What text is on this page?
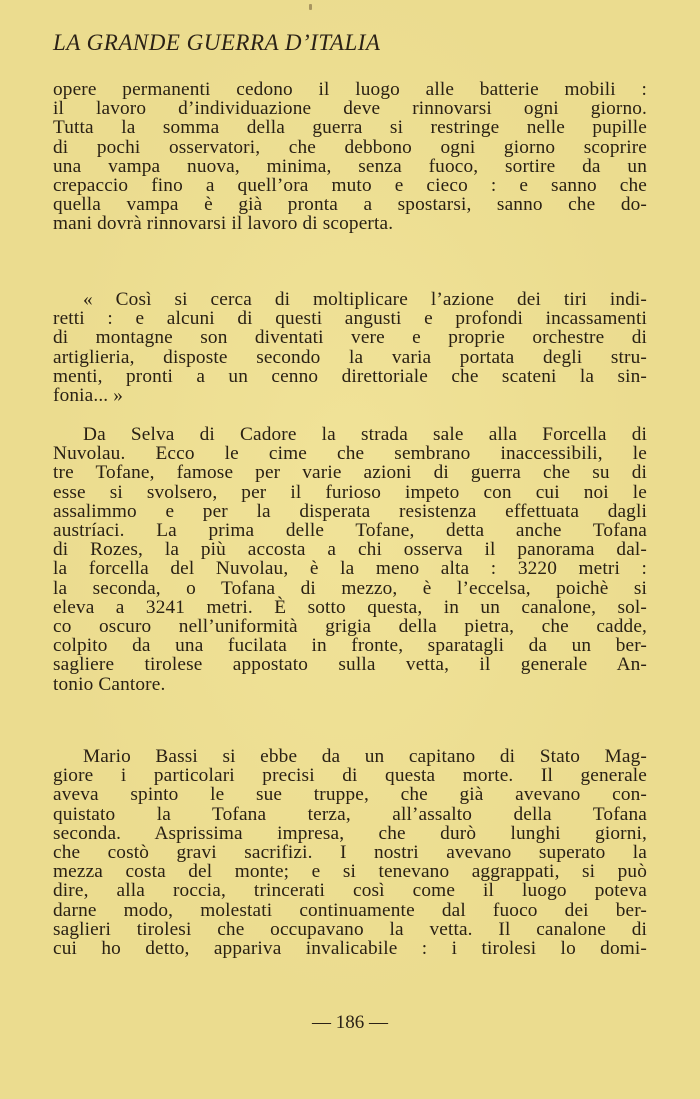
LA GRANDE GUERRA D’ITALIA
opere permanenti cedono il luogo alle batterie mobili :
il lavoro d’individuazione deve rinnovarsi ogni giorno.
Tutta la somma della guerra si restringe nelle pupille
di pochi osservatori, che debbono ogni giorno scoprire
una vampa nuova, minima, senza fuoco, sortire da un
crepaccio fino a quell’ora muto e cieco : e sanno che
quella vampa è già pronta a spostarsi, sanno che do-
mani dovrà rinnovarsi il lavoro di scoperta.
« Così si cerca di moltiplicare l’azione dei tiri indi-
retti : e alcuni di questi angusti e profondi incassamenti
di montagne son diventati vere e proprie orchestre di
artiglieria, disposte secondo la varia portata degli stru-
menti, pronti a un cenno direttoriale che scateni la sin-
fonia... »
Da Selva di Cadore la strada sale alla Forcella di
Nuvolau. Ecco le cime che sembrano inaccessibili, le
tre Tofane, famose per varie azioni di guerra che su di
esse si svolsero, per il furioso impeto con cui noi le
assalimmo e per la disperata resistenza effettuata dagli
austríaci. La prima delle Tofane, detta anche Tofana
di Rozes, la più accosta a chi osserva il panorama dal-
la forcella del Nuvolau, è la meno alta : 3220 metri :
la seconda, o Tofana di mezzo, è l’eccelsa, poichè si
eleva a 3241 metri. È sotto questa, in un canalone, sol-
co oscuro nell’uniformità grigia della pietra, che cadde,
colpito da una fucilata in fronte, sparatagli da un ber-
sagliere tirolese appostato sulla vetta, il generale An-
tonio Cantore.
Mario Bassi si ebbe da un capitano di Stato Mag-
giore i particolari precisi di questa morte. Il generale
aveva spinto le sue truppe, che già avevano con-
quistato la Tofana terza, all’assalto della Tofana
seconda. Asprissima impresa, che durò lunghi giorni,
che costò gravi sacrifizi. I nostri avevano superato la
mezza costa del monte; e si tenevano aggrappati, si può
dire, alla roccia, trincerati così come il luogo poteva
darne modo, molestati continuamente dal fuoco dei ber-
saglieri tirolesi che occupavano la vetta. Il canalone di
cui ho detto, appariva invalicabile : i tirolesi lo domi-
— 186 —
